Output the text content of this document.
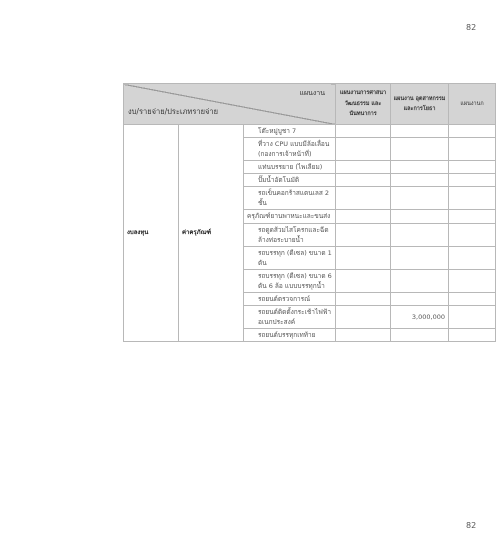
82
แผนงาน
งบ/รายจ่าย/ประเภทรายจ่าย			แผนงานการศาสนา วัฒนธรรม และนันทนาการ	แผนงาน อุตสาหกรรมและการโยธา	แผนงานก
งบลงทุน	ค่าครุภัณฑ์	โต๊ะหมู่บูชา 7			
		ที่วาง CPU แบบมีล้อเลื่อน (กองการเจ้าหน้าที่)			
		แท่นบรรยาย (ไพเลียม)			
		ปั๊มน้ำอัตโนมัติ			
		รถเข็นคอกร้าสแตนเลส 2 ชั้น			
		ครุภัณฑ์ยานพาหนะและขนส่ง			
		รถดูดส้วมไสโครกและฉีดล้างท่อระบายน้ำ			
		รถบรรทุก (ดีเซล) ขนาด 1 ตัน			
		รถบรรทุก (ดีเซล) ขนาด 6 ตัน 6 ล้อ แบบบรรทุกน้ำ			
		รถยนต์ตรวจการณ์			
		รถยนต์ติดตั้งกระเช้าไฟฟ้าอเนกประสงค์		3,000,000	
		รถยนต์บรรทุกเทท้าย			
82
